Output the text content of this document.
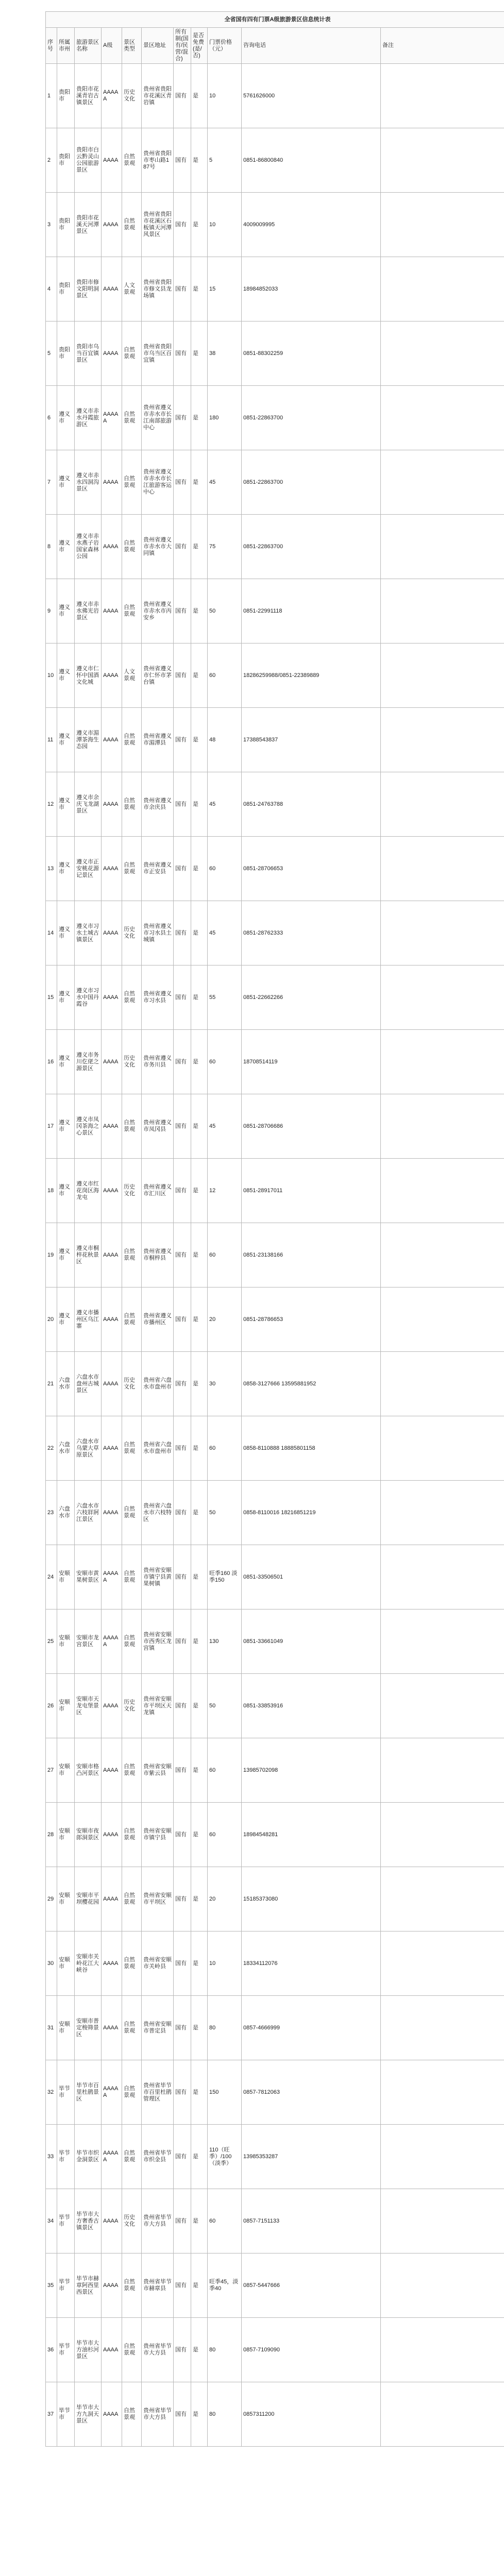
全省国有四有门票A级旅游景区信息统计表										
序号	所属市州	旅游景区名称	A级	景区类型	景区地址	所有制(国有/民营/混合)	是否免费(是/否)	门票价格（元）	咨询电话	备注
1	贵阳市	贵阳市花溪青岩古镇景区	AAAAA	历史文化	贵州省贵阳市花溪区青岩镇	国有	是	10	5761626000	
2	贵阳市	贵阳市白云黔灵山公园旅游景区	AAAA	自然景观	贵州省贵阳市枣山路187号	国有	是	5	0851-86800840	
3	贵阳市	贵阳市花溪天河潭景区	AAAA	自然景观	贵州省贵阳市花溪区石板镇天河潭风景区	国有	是	10	4009009995	
4	贵阳市	贵阳市修文阳明洞景区	AAAA	人文景观	贵州省贵阳市修文县龙场镇	国有	是	15	18984852033	
5	贵阳市	贵阳市乌当百宜镇景区	AAAA	自然景观	贵州省贵阳市乌当区百宜镇	国有	是	38	0851-88302259	
6	遵义市	遵义市赤水丹霞旅游区	AAAAA	自然景观	贵州省遵义市赤水市长江南部旅游中心	国有	是	180	0851-22863700	
7	遵义市	遵义市赤水四洞沟景区	AAAA	自然景观	贵州省遵义市赤水市长江旅游客运中心	国有	是	45	0851-22863700	
8	遵义市	遵义市赤水燕子岩国家森林公园	AAAA	自然景观	贵州省遵义市赤水市大同镇	国有	是	75	0851-22863700	
9	遵义市	遵义市赤水佛光岩景区	AAAA	自然景观	贵州省遵义市赤水市丙安乡	国有	是	50	0851-22991118	
10	遵义市	遵义市仁怀中国酒文化城	AAAA	人文景观	贵州省遵义市仁怀市茅台镇	国有	是	60	18286259988/0851-22389889	
11	遵义市	遵义市湄潭茶海生态园	AAAA	自然景观	贵州省遵义市湄潭县	国有	是	48	17388543837	
12	遵义市	遵义市余庆飞龙湖景区	AAAA	自然景观	贵州省遵义市余庆县	国有	是	45	0851-24763788	
13	遵义市	遵义市正安桃花源记景区	AAAA	自然景观	贵州省遵义市正安县	国有	是	60	0851-28706653	
14	遵义市	遵义市习水土城古镇景区	AAAA	历史文化	贵州省遵义市习水县土城镇	国有	是	45	0851-28762333	
15	遵义市	遵义市习水中国丹霞谷	AAAA	自然景观	贵州省遵义市习水县	国有	是	55	0851-22662266	
16	遵义市	遵义市务川仡佬之源景区	AAAA	历史文化	贵州省遵义市务川县	国有	是	60	18708514119	
17	遵义市	遵义市凤冈茶海之心景区	AAAA	自然景观	贵州省遵义市凤冈县	国有	是	45	0851-28706686	
18	遵义市	遵义市红花岗区海龙屯	AAAA	历史文化	贵州省遵义市汇川区	国有	是	12	0851-28917011	
19	遵义市	遵义市桐梓花秋景区	AAAA	自然景观	贵州省遵义市桐梓县	国有	是	60	0851-23138166	
20	遵义市	遵义市播州区乌江寨	AAAA	自然景观	贵州省遵义市播州区	国有	是	20	0851-28786653	
21	六盘水市	六盘水市盘州古城景区	AAAA	历史文化	贵州省六盘水市盘州市	国有	是	30	0858-3127666 13595881952	
22	六盘水市	六盘水市乌蒙大草原景区	AAAA	自然景观	贵州省六盘水市盘州市	国有	是	60	0858-8110888 18885801158	
23	六盘水市	六盘水市六枝牂牁江景区	AAAA	自然景观	贵州省六盘水市六枝特区	国有	是	50	0858-8110016 18216851219	
24	安顺市	安顺市黄果树景区	AAAAA	自然景观	贵州省安顺市镇宁县黄果树镇	国有	是	旺季160 淡季150	0851-33506501	
25	安顺市	安顺市龙宫景区	AAAAA	自然景观	贵州省安顺市西秀区龙宫镇	国有	是	130	0851-33661049	
26	安顺市	安顺市天龙屯堡景区	AAAA	历史文化	贵州省安顺市平坝区天龙镇	国有	是	50	0851-33853916	
27	安顺市	安顺市格凸河景区	AAAA	自然景观	贵州省安顺市紫云县	国有	是	60	13985702098	
28	安顺市	安顺市夜郎洞景区	AAAA	自然景观	贵州省安顺市镇宁县	国有	是	60	18984548281	
29	安顺市	安顺市平坝樱花园	AAAA	自然景观	贵州省安顺市平坝区	国有	是	20	15185373080	
30	安顺市	安顺市关岭花江大峡谷	AAAA	自然景观	贵州省安顺市关岭县	国有	是	10	18334112076	
31	安顺市	安顺市普定梭筛景区	AAAA	自然景观	贵州省安顺市普定县	国有	是	80	0857-4666999	
32	毕节市	毕节市百里杜鹃景区	AAAAA	自然景观	贵州省毕节市百里杜鹃管理区	国有	是	150	0857-7812063	
33	毕节市	毕节市织金洞景区	AAAAA	自然景观	贵州省毕节市织金县	国有	是	110（旺季）/100（淡季）	13985353287	
34	毕节市	毕节市大方奢香古镇景区	AAAA	历史文化	贵州省毕节市大方县	国有	是	60	0857-7151133	
35	毕节市	毕节市赫章阿西里西景区	AAAA	自然景观	贵州省毕节市赫章县	国有	是	旺季45，淡季40	0857-5447666	
36	毕节市	毕节市大方油杉河景区	AAAA	自然景观	贵州省毕节市大方县	国有	是	80	0857-7109090	
37	毕节市	毕节市大方九洞天景区	AAAA	自然景观	贵州省毕节市大方县	国有	是	80	0857311200	
